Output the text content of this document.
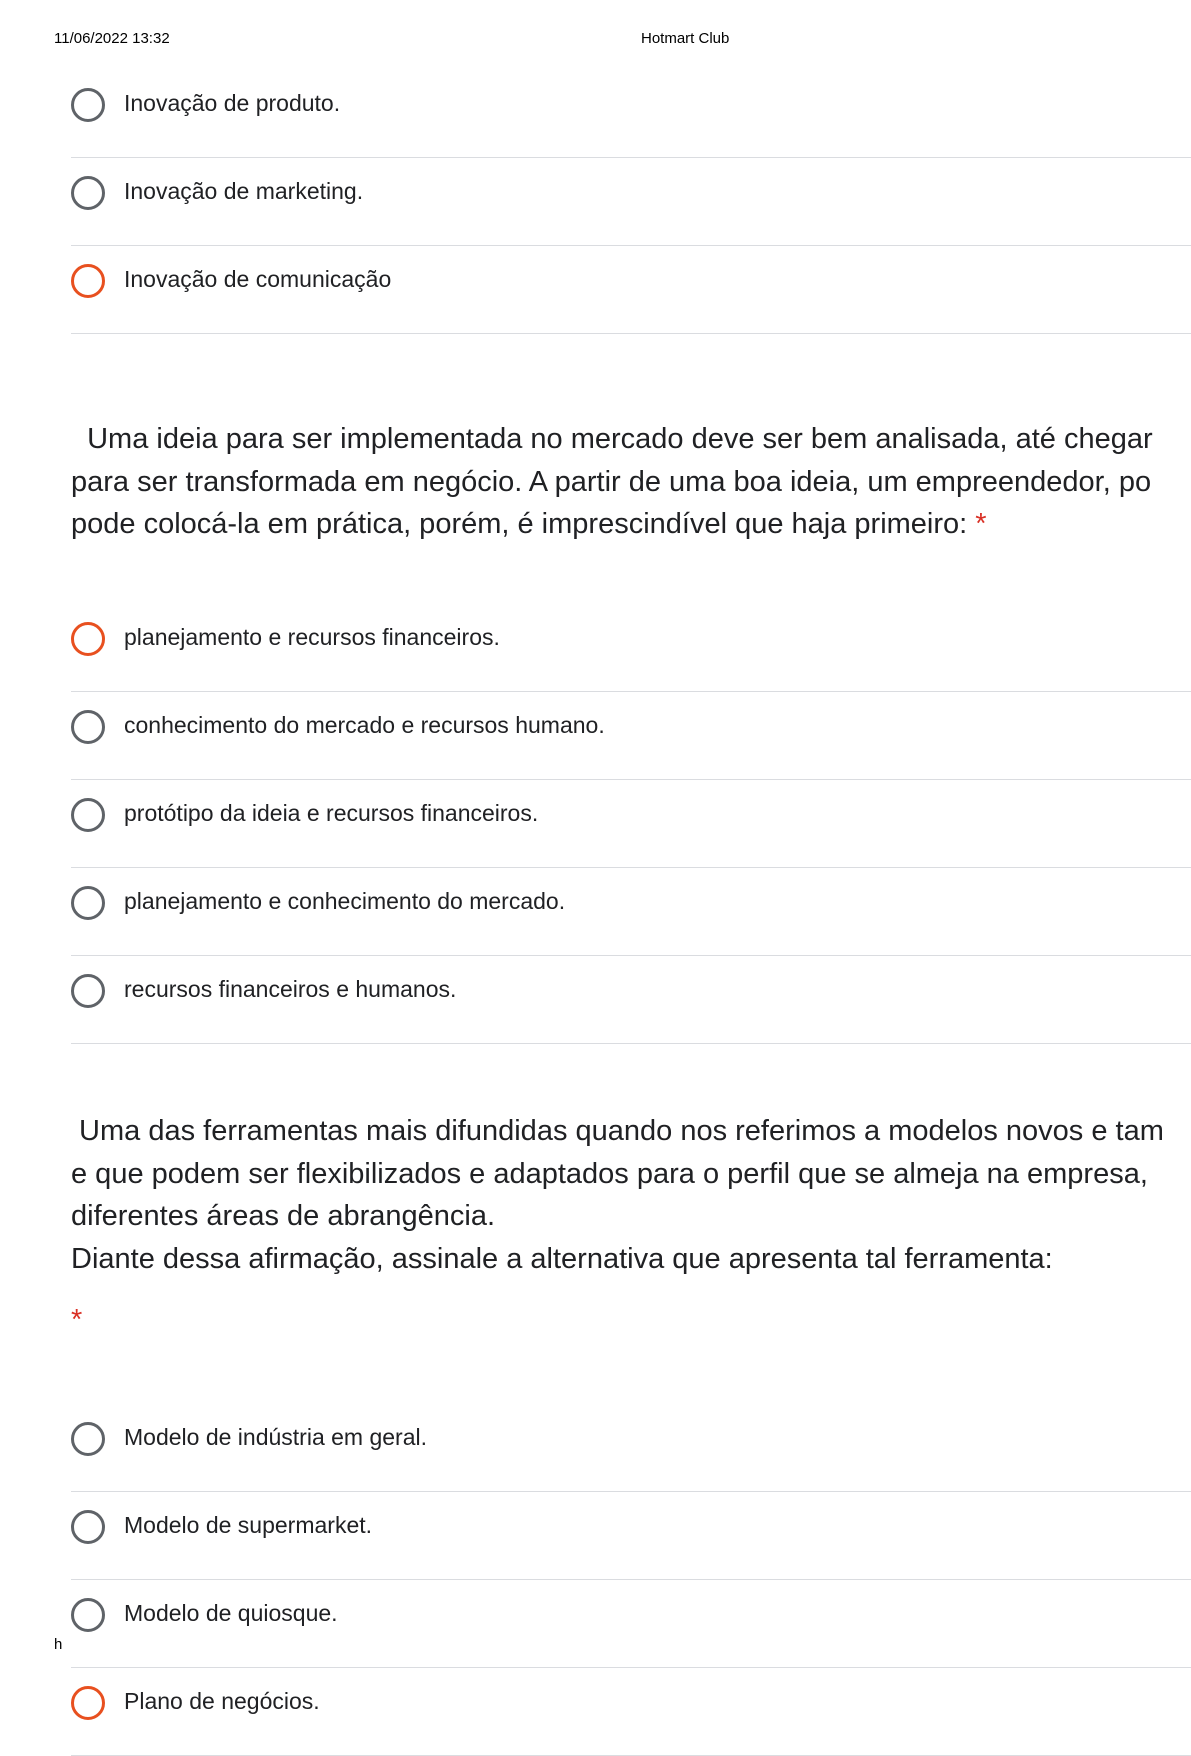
11/06/2022 13:32	Hotmart Club
Inovação de produto.
Inovação de marketing.
Inovação de comunicação

Uma ideia para ser implementada no mercado deve ser bem analisada, até chegar

para ser transformada em negócio. A partir de uma boa ideia, um empreendedor, po

pode colocá-la em prática, porém, é imprescindível que haja primeiro: *

planejamento e recursos financeiros.
conhecimento do mercado e recursos humano.
protótipo da ideia e recursos financeiros.
planejamento e conhecimento do mercado.
recursos financeiros e humanos.

Uma das ferramentas mais difundidas quando nos referimos a modelos novos e tam

e que podem ser flexibilizados e adaptados para o perfil que se almeja na empresa,

diferentes áreas de abrangência.

Diante dessa afirmação, assinale a alternativa que apresenta tal ferramenta:

*
Modelo de indústria em geral.
Modelo de supermarket.
Modelo de quiosque.
Plano de negócios.
h
